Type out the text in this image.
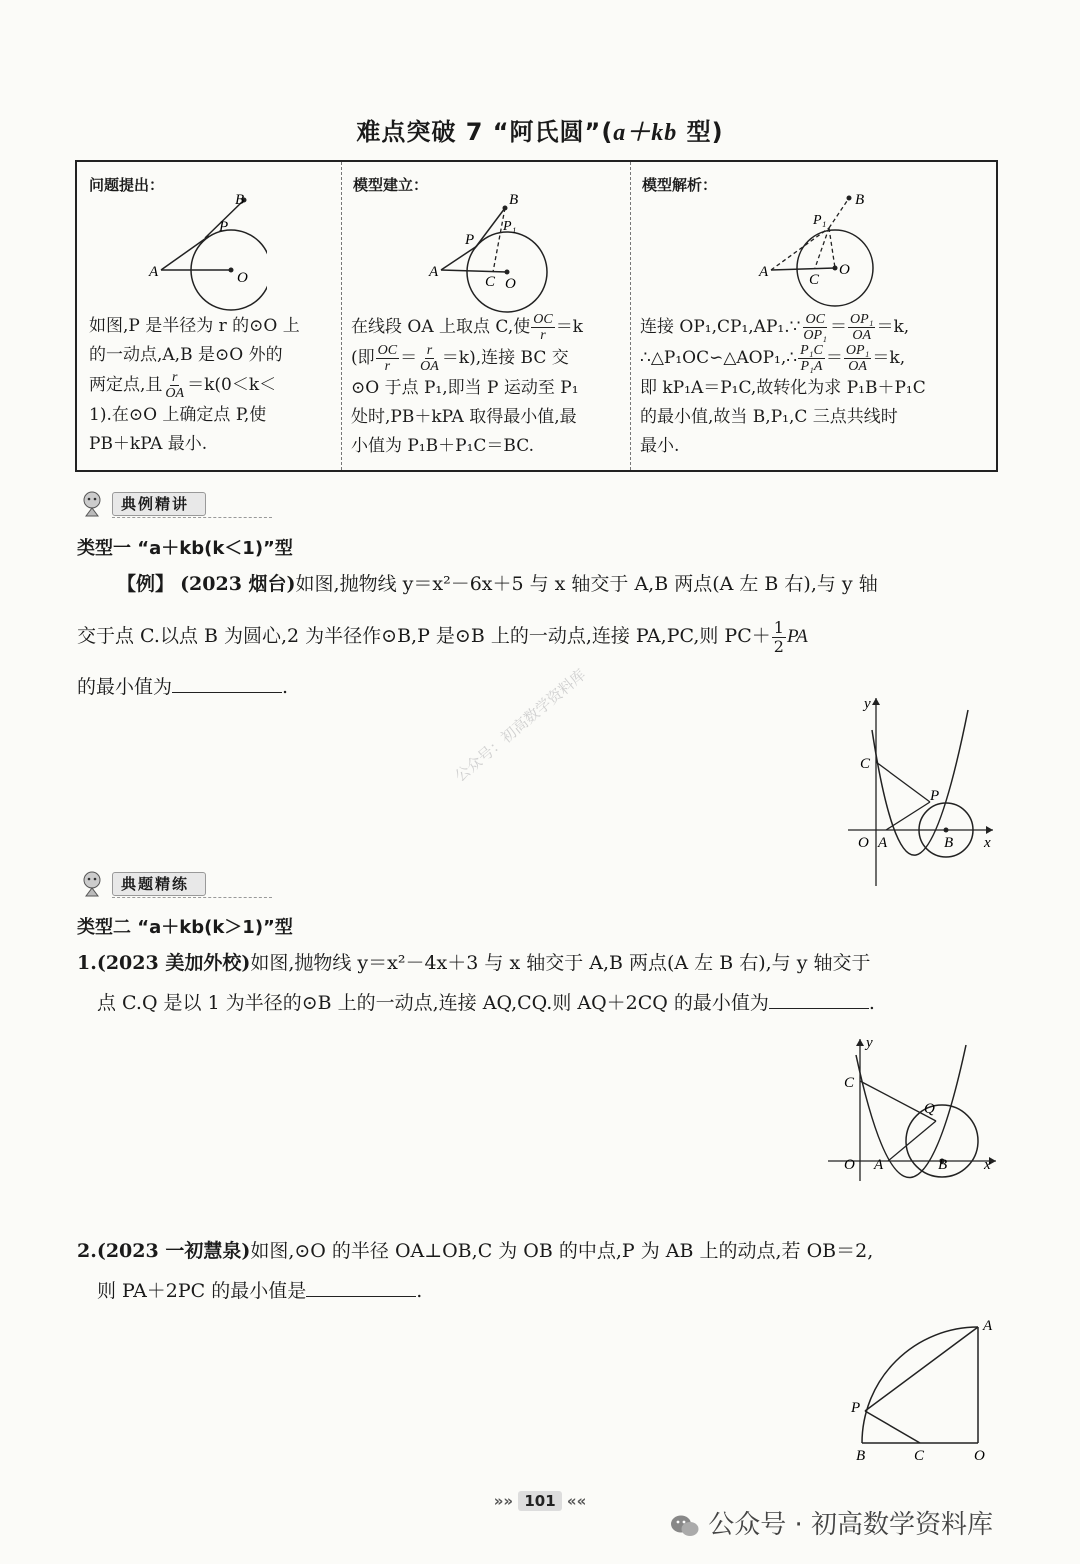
难点突破 7 “阿氏圆”(a＋kb 型)
问题提出：
B
P
A	O
如图,P 是半径为 r 的⊙O 上
的一动点,A,B 是⊙O 外的
两定点,且 $\frac{r}{OA} =k(0<k<$
1).在⊙O 上确定点 P,使
PB＋kPA 最小.
模型建立：
B
P
P₁
A
C O
在线段 OA 上取点 C,使 $\frac{OC}{r} =k$
(即 $\frac{OC}{r} = \frac{r}{OA} =k$),连接 BC 交
⊙O 于点 P₁,即当 P 运动至 P₁
处时,PB＋kPA 取得最小值,最
小值为 P₁B＋P₁C＝BC.
模型解析：
B
P₁
A	C
O
连接 OP₁,CP₁,AP₁.∵ $\frac{OC}{\text{OP₁}} = \frac{\text{OP₁}}{OA} =k$,
∴△P₁OC∽△AOP₁,∴ $\frac{\text{P₁C}}{\text{P₁A}} = \frac{\text{OP₁}}{OA} =k$,
即 kP₁A＝P₁C,故转化为求 P₁B＋P₁C
的最小值,故当 B,P₁,C 三点共线时
最小.
典例精讲
类型一 “a＋kb(k＜1)”型
【例】 (2023 烟台)如图,抛物线 y＝x²－6x＋5 与 x 轴交于 A,B 两点(A 左 B 右),与 y 轴
交于点 C.以点 B 为圆心,2 为半径作⊙B,P 是⊙B 上的一动点,连接 PA,PC,则 $PC+ \frac{1}{2}$ PA
的最小值为	.
y
C
P
O A	B x
公众号：初高数学资料库
典题精练
类型二 “a＋kb(k＞1)”型
1.(2023 美加外校)如图,抛物线 y＝x²－4x＋3 与 x 轴交于 A,B 两点(A 左 B 右),与 y 轴交于
点 C.Q 是以 1 为半径的⊙B 上的一动点,连接 AQ,CQ.则 AQ＋2CQ 的最小值为	.
y
C
Q
O A	B x
2.(2023 一初慧泉)如图,⊙O 的半径 OA⊥OB,C 为 OB 的中点,P 为 AB 上的动点,若 OB＝2,
则 PA＋2PC 的最小值是	.
A
P
B	C	O
»» 101 ««
公众号 · 初高数学资料库
